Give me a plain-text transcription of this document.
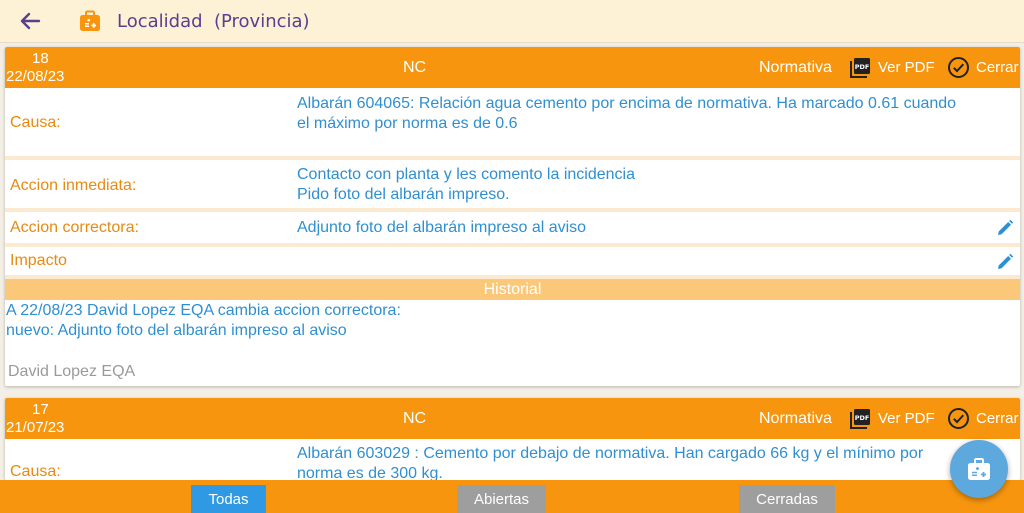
Localidad  (Provincia)
18
22/08/23
NC	Normativa	PDF Ver PDF	Cerrar
Causa:
Albarán 604065: Relación agua cemento por encima de normativa. Ha marcado 0.61 cuando
el máximo por norma es de 0.6
Accion inmediata:
Contacto con planta y les comento la incidencia
Pido foto del albarán impreso.
Accion correctora:	Adjunto foto del albarán impreso al aviso
Impacto
Historial
A 22/08/23 David Lopez EQA cambia accion correctora:
nuevo: Adjunto foto del albarán impreso al aviso
David Lopez EQA
17
21/07/23
NC	Normativa	PDF Ver PDF	Cerrar
Causa:
Albarán 603029 : Cemento por debajo de normativa. Han cargado 66 kg y el mínimo por
norma es de 300 kg.
Todas	Abiertas	Cerradas
